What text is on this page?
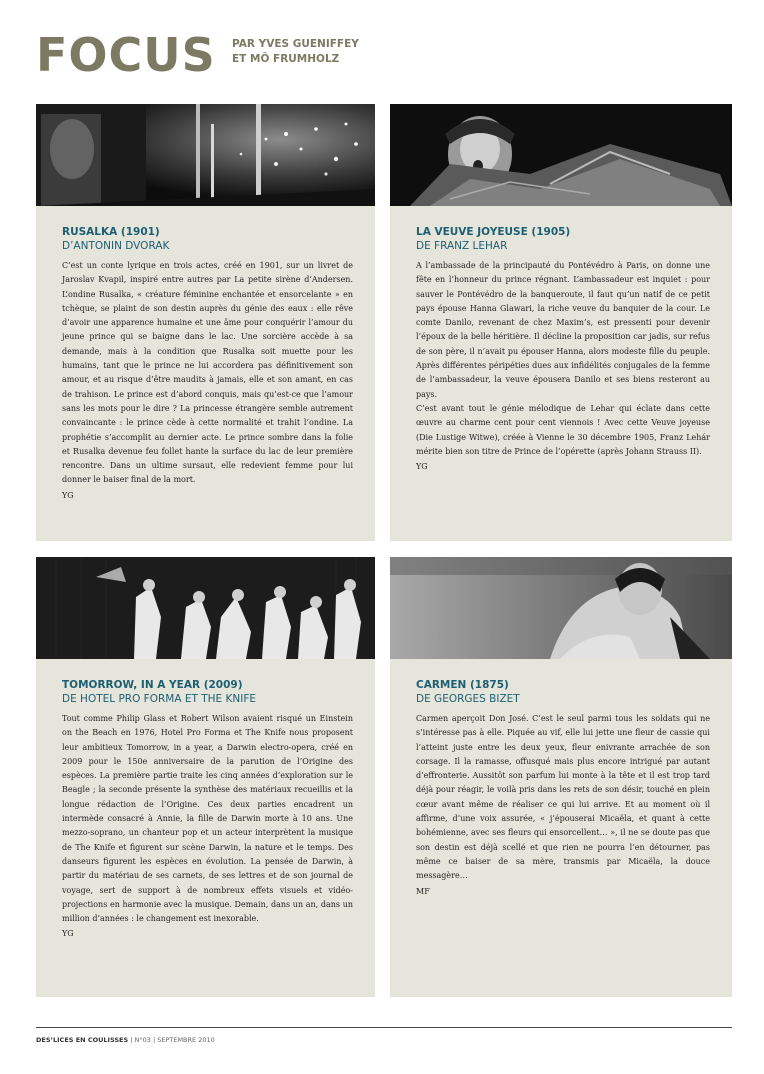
FOCUS PAR YVES GUENIFFEY
ET MÔ FRUMHOLZ
RUSALKA (1901)
D’ANTONIN DVORAK

C’est un conte lyrique en trois actes, créé en 1901, sur un livret de Jaroslav Kvapil, inspiré entre autres par La petite sirène d’Andersen. L’ondine Rusalka, « créature féminine enchantée et ensorcelante » en tchèque, se plaint de son destin auprès du génie des eaux : elle rêve d’avoir une apparence humaine et une âme pour conquérir l’amour du jeune prince qui se baigne dans le lac. Une sorcière accède à sa demande, mais à la condition que Rusalka soit muette pour les humains, tant que le prince ne lui accordera pas définitivement son amour, et au risque d’être maudits à jamais, elle et son amant, en cas de trahison. Le prince est d’abord conquis, mais qu’est-ce que l’amour sans les mots pour le dire ? La princesse étrangère semble autrement convaincante : le prince cède à cette normalité et trahit l’ondine. La prophétie s’accomplit au dernier acte. Le prince sombre dans la folie et Rusalka devenue feu follet hante la surface du lac de leur première rencontre. Dans un ultime sursaut, elle redevient femme pour lui donner le baiser final de la mort.

YG
LA VEUVE JOYEUSE (1905)
DE FRANZ LEHAR

A l’ambassade de la principauté du Pontévédro à Paris, on donne une fête en l’honneur du prince régnant. L’ambassadeur est inquiet : pour sauver le Pontévédro de la banqueroute, il faut qu’un natif de ce petit pays épouse Hanna Glawari, la riche veuve du banquier de la cour. Le comte Danilo, revenant de chez Maxim’s, est pressenti pour devenir l’époux de la belle héritière. Il décline la proposition car jadis, sur refus de son père, il n’avait pu épouser Hanna, alors modeste fille du peuple. Après différentes péripéties dues aux infidélités conjugales de la femme de l’ambassadeur, la veuve épousera Danilo et ses biens resteront au pays.

C’est avant tout le génie mélodique de Lehar qui éclate dans cette œuvre au charme cent pour cent viennois ! Avec cette Veuve joyeuse (Die Lustige Witwe), créée à Vienne le 30 décembre 1905, Franz Lehár mérite bien son titre de Prince de l’opérette (après Johann Strauss II).

YG
TOMORROW, IN A YEAR (2009)
DE HOTEL PRO FORMA ET THE KNIFE

Tout comme Philip Glass et Robert Wilson avaient risqué un Einstein on the Beach en 1976, Hotel Pro Forma et The Knife nous proposent leur ambitieux Tomorrow, in a year, a Darwin electro-opera, créé en 2009 pour le 150e anniversaire de la parution de l’Origine des espèces. La première partie traite les cinq années d’exploration sur le Beagle ; la seconde présente la synthèse des matériaux recueillis et la longue rédaction de l’Origine. Ces deux parties encadrent un intermède consacré à Annie, la fille de Darwin morte à 10 ans. Une mezzo-soprano, un chanteur pop et un acteur interprètent la musique de The Knife et figurent sur scène Darwin, la nature et le temps. Des danseurs figurent les espèces en évolution. La pensée de Darwin, à partir du matériau de ses carnets, de ses lettres et de son journal de voyage, sert de support à de nombreux effets visuels et vidéo-projections en harmonie avec la musique. Demain, dans un an, dans un million d’années : le changement est inexorable.

YG
CARMEN (1875)
DE GEORGES BIZET

Carmen aperçoit Don José. C’est le seul parmi tous les soldats qui ne s’intéresse pas à elle. Piquée au vif, elle lui jette une fleur de cassie qui l’atteint juste entre les deux yeux, fleur enivrante arrachée de son corsage. Il la ramasse, offusqué mais plus encore intrigué par autant d’effronterie. Aussitôt son parfum lui monte à la tête et il est trop tard déjà pour réagir, le voilà pris dans les rets de son désir, touché en plein cœur avant même de réaliser ce qui lui arrive. Et au moment où il affirme, d’une voix assurée, « j’épouserai Micaëla, et quant à cette bohémienne, avec ses fleurs qui ensorcellent… », il ne se doute pas que son destin est déjà scellé et que rien ne pourra l’en détourner, pas même ce baiser de sa mère, transmis par Micaëla, la douce messagère…

MF
DES’LICES EN COULISSES | N°03 | SEPTEMBRE 2010
